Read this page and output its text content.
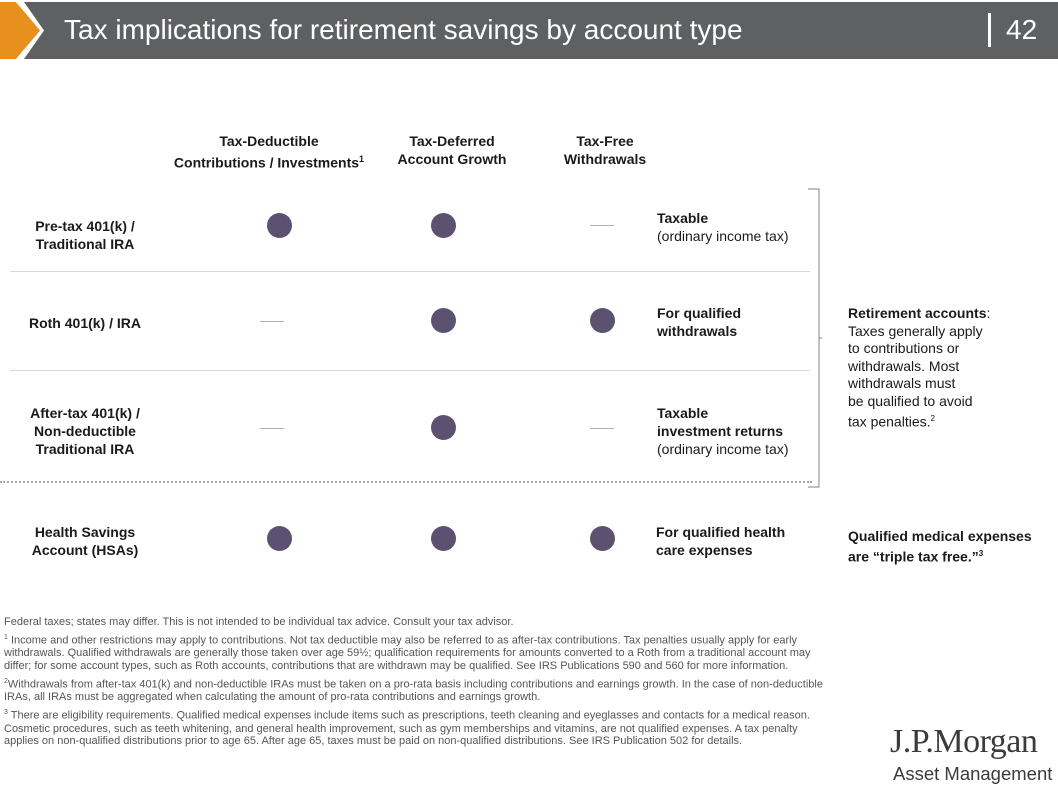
Tax implications for retirement savings by account type	42
Tax-Deductible
Contributions / Investments$^1$
Tax-Deferred
Account Growth
Tax-Free
Withdrawals
Pre-tax 401(k) /
Traditional IRA
Taxable
(ordinary income tax)
Roth 401(k) / IRA
For qualified
withdrawals
After-tax 401(k) /
Non-deductible
Traditional IRA
Taxable
investment returns
(ordinary income tax)
Retirement accounts:
Taxes generally apply
to contributions or
withdrawals. Most
withdrawals must
be qualified to avoid
tax penalties.$^2$
Health Savings
Account (HSAs)
For qualified health
care expenses
Qualified medical expenses
are “triple tax free.”$^3$

Federal taxes; states may differ. This is not intended to be individual tax advice. Consult your tax advisor.

$^1$ Income and other restrictions may apply to contributions. Not tax deductible may also be referred to as after-tax contributions. Tax penalties usually apply for early withdrawals. Qualified withdrawals are generally those taken over age 59½; qualification requirements for amounts converted to a Roth from a traditional account may differ; for some account types, such as Roth accounts, contributions that are withdrawn may be qualified. See IRS Publications 590 and 560 for more information.

$^2$Withdrawals from after-tax 401(k) and non-deductible IRAs must be taken on a pro-rata basis including contributions and earnings growth. In the case of non-deductible IRAs, all IRAs must be aggregated when calculating the amount of pro-rata contributions and earnings growth.

$^3$ There are eligibility requirements. Qualified medical expenses include items such as prescriptions, teeth cleaning and eyeglasses and contacts for a medical reason. Cosmetic procedures, such as teeth whitening, and general health improvement, such as gym memberships and vitamins, are not qualified expenses. A tax penalty applies on non-qualified distributions prior to age 65. After age 65, taxes must be paid on non-qualified distributions. See IRS Publication 502 for details.	J.P.Morgan
Asset Management
